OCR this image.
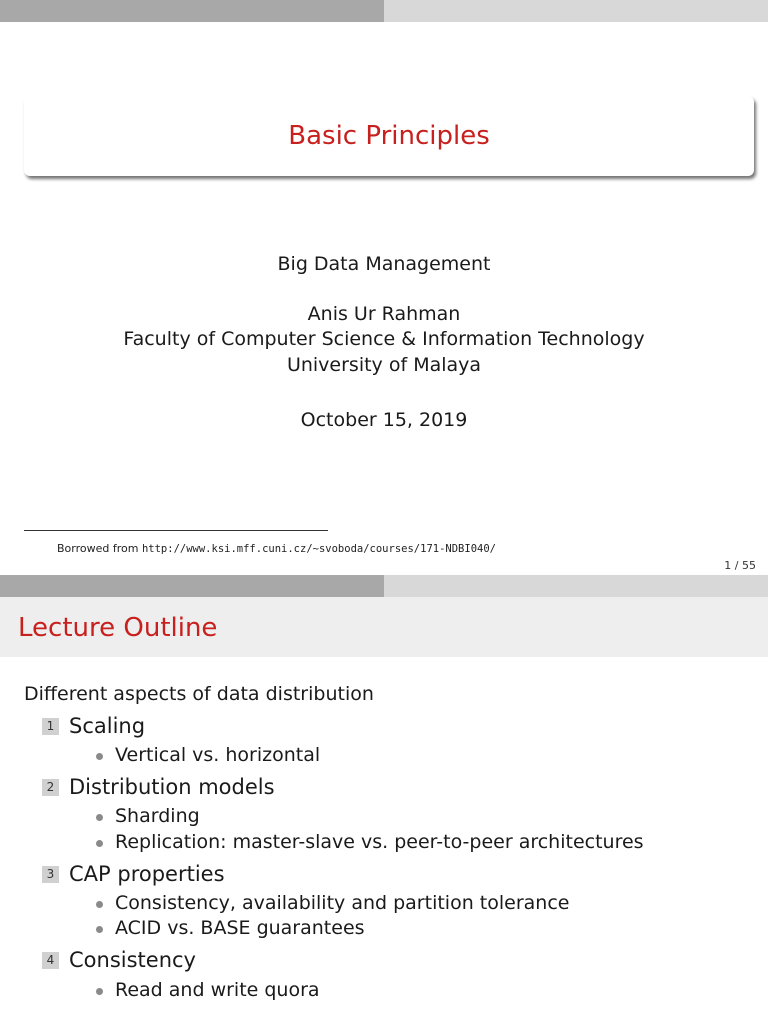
Basic Principles
Big Data Management
Anis Ur Rahman
Faculty of Computer Science & Information Technology
University of Malaya
October 15, 2019
Borrowed from http://www.ksi.mff.cuni.cz/~svoboda/courses/171-NDBI040/
1 / 55
Lecture Outline
Different aspects of data distribution
1 Scaling
Vertical vs. horizontal
2 Distribution models
Sharding
Replication: master-slave vs. peer-to-peer architectures
3 CAP properties
Consistency, availability and partition tolerance
ACID vs. BASE guarantees
4 Consistency
Read and write quora
